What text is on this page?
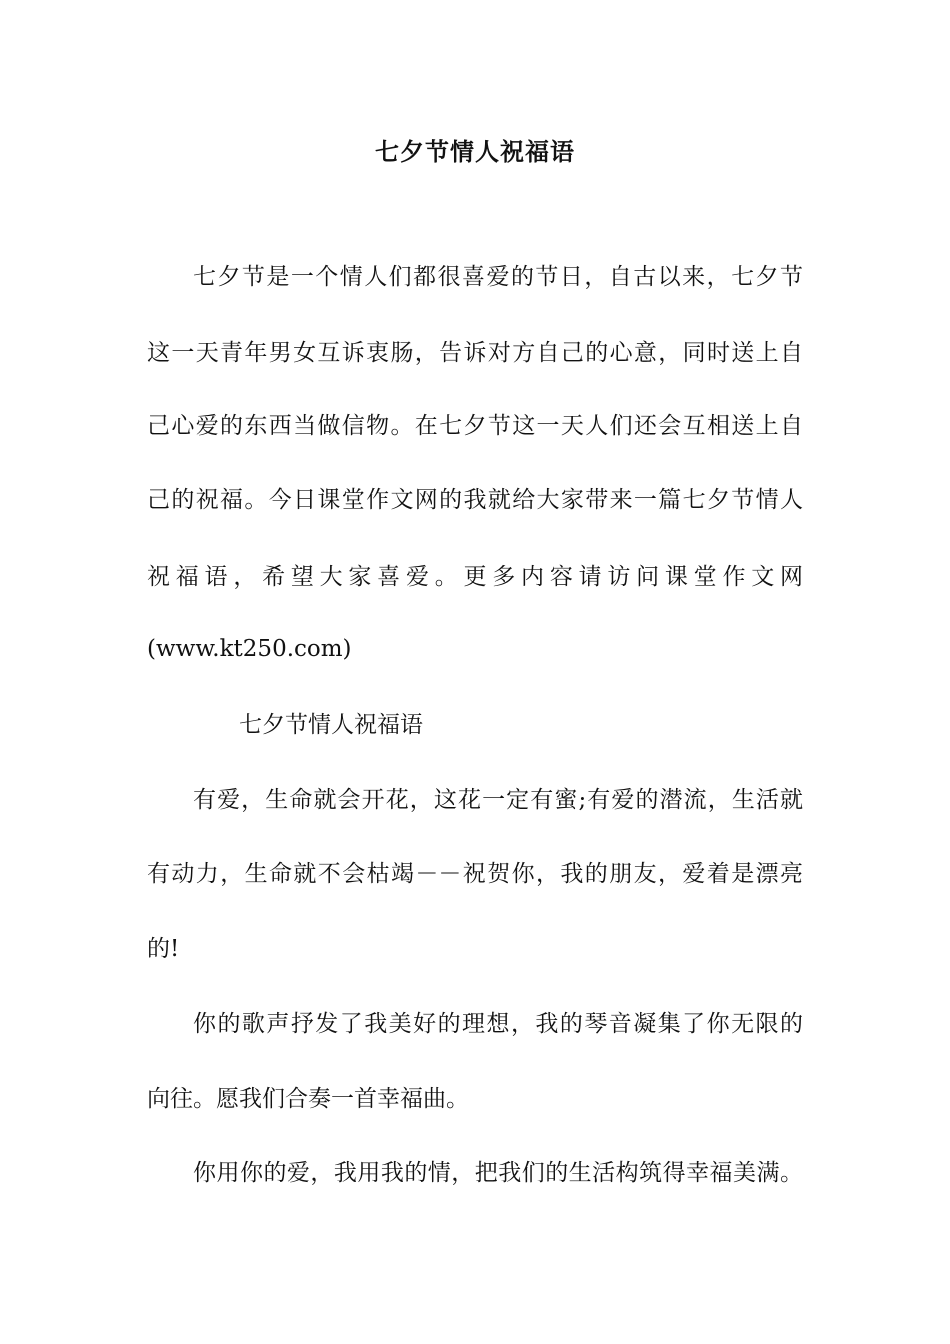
七夕节情人祝福语
七夕节是一个情人们都很喜爱的节日，自古以来，七夕节
这一天青年男女互诉衷肠，告诉对方自己的心意，同时送上自
己心爱的东西当做信物。在七夕节这一天人们还会互相送上自
己的祝福。今日课堂作文网的我就给大家带来一篇七夕节情人
祝福语，希望大家喜爱。更多内容请访问课堂作文网
(www.kt250.com)
七夕节情人祝福语
有爱，生命就会开花，这花一定有蜜;有爱的潜流，生活就
有动力，生命就不会枯竭－－祝贺你，我的朋友，爱着是漂亮
的!
你的歌声抒发了我美好的理想，我的琴音凝集了你无限的
向往。愿我们合奏一首幸福曲。
你用你的爱，我用我的情，把我们的生活构筑得幸福美满。
